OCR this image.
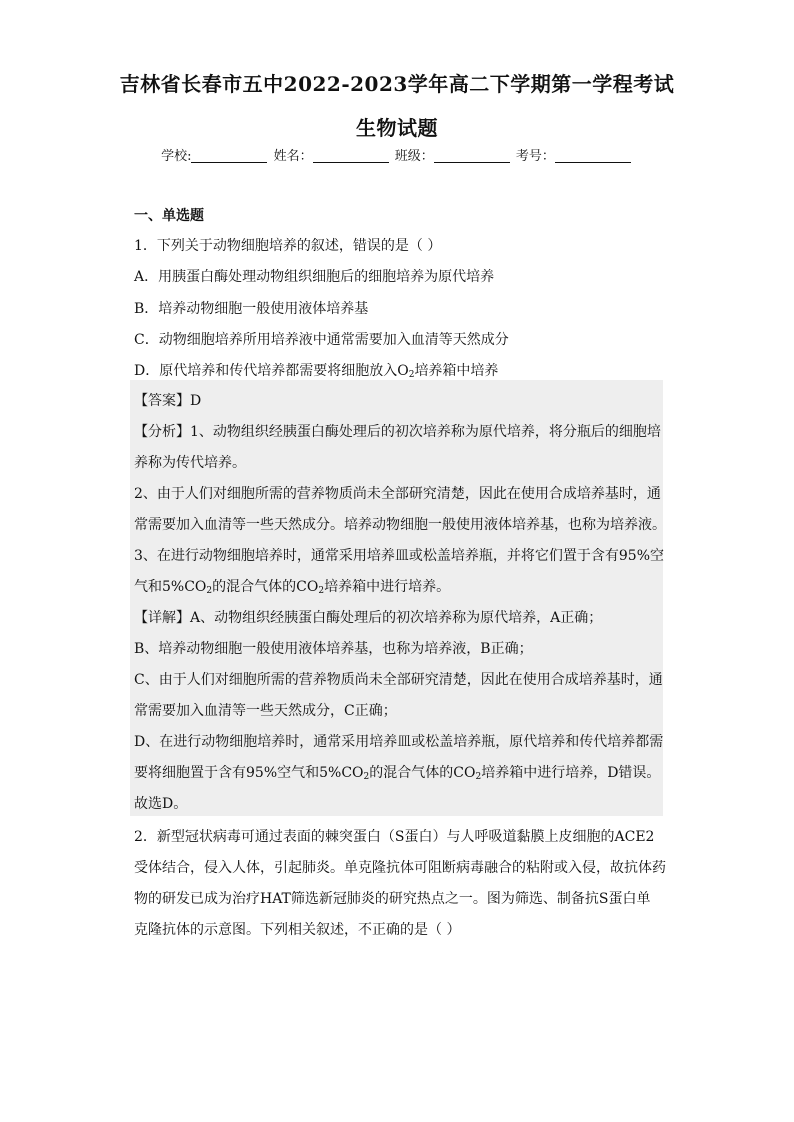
吉林省长春市五中2022-2023学年高二下学期第一学程考试
生物试题
学校:	姓名：	班级：	考号：
一、单选题
1．下列关于动物细胞培养的叙述，错误的是（ ）
A．用胰蛋白酶处理动物组织细胞后的细胞培养为原代培养
B．培养动物细胞一般使用液体培养基
C．动物细胞培养所用培养液中通常需要加入血清等天然成分
D．原代培养和传代培养都需要将细胞放入$O_2$培养箱中培养
【答案】D
【分析】1、动物组织经胰蛋白酶处理后的初次培养称为原代培养，将分瓶后的细胞培
养称为传代培养。
2、由于人们对细胞所需的营养物质尚未全部研究清楚，因此在使用合成培养基时，通
常需要加入血清等一些天然成分。培养动物细胞一般使用液体培养基，也称为培养液。
3、在进行动物细胞培养时，通常采用培养皿或松盖培养瓶，并将它们置于含有95%空
气和$5\%CO_2$的混合气体的$CO_2$培养箱中进行培养。
【详解】A、动物组织经胰蛋白酶处理后的初次培养称为原代培养，A正确；
B、培养动物细胞一般使用液体培养基，也称为培养液，B正确；
C、由于人们对细胞所需的营养物质尚未全部研究清楚，因此在使用合成培养基时，通
常需要加入血清等一些天然成分，C正确；
D、在进行动物细胞培养时，通常采用培养皿或松盖培养瓶，原代培养和传代培养都需
要将细胞置于含有95%空气和$5\%CO_2$的混合气体的$CO_2$培养箱中进行培养，D错误。
故选D。
2．新型冠状病毒可通过表面的棘突蛋白（S蛋白）与人呼吸道黏膜上皮细胞的ACE2
受体结合，侵入人体，引起肺炎。单克隆抗体可阻断病毒融合的粘附或入侵，故抗体药
物的研发已成为治疗HAT筛选新冠肺炎的研究热点之一。图为筛选、制备抗S蛋白单
克隆抗体的示意图。下列相关叙述，不正确的是（ ）
